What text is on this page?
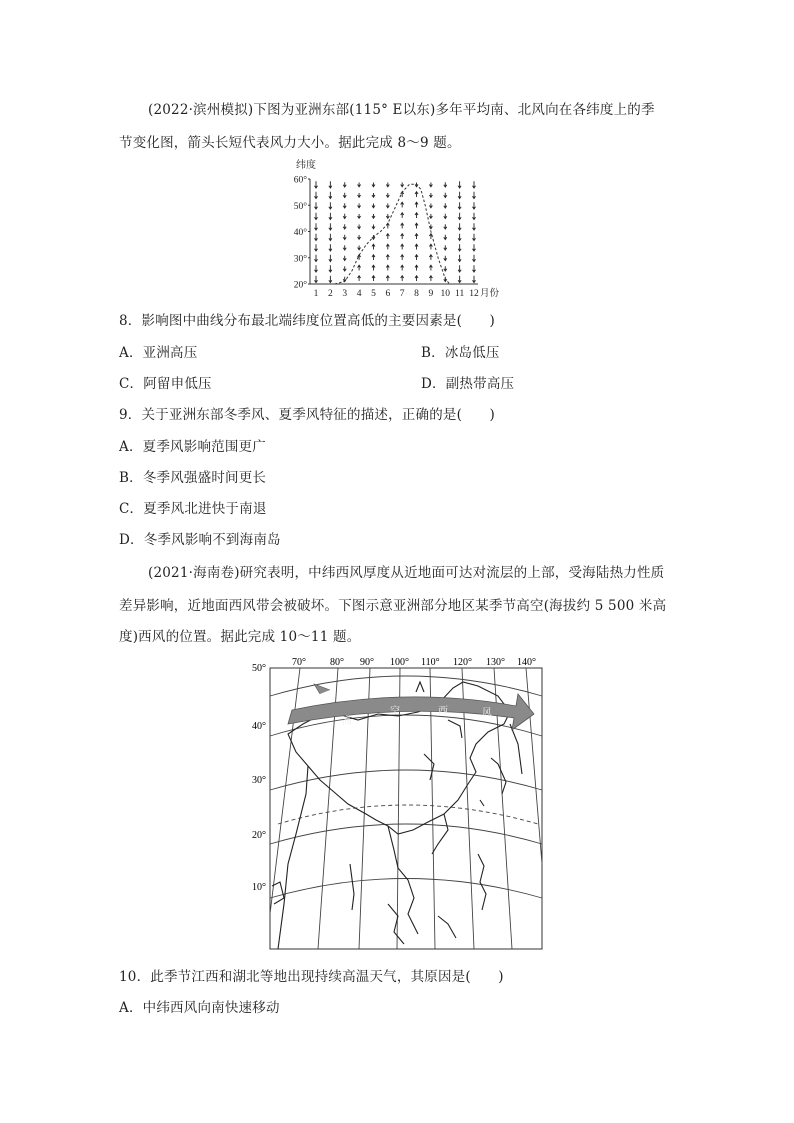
(2022·滨州模拟)下图为亚洲东部(115° E以东)多年平均南、北风向在各纬度上的季
节变化图，箭头长短代表风力大小。据此完成 8～9 题。
纬度
20°
30°
40°
50°
60°
1 2 3 4 5 6 7 8 9 10 11 12 月份
8．影响图中曲线分布最北端纬度位置高低的主要因素是(　　)
A．亚洲高压	B．冰岛低压
C．阿留申低压	D．副热带高压
9．关于亚洲东部冬季风、夏季风特征的描述，正确的是(　　)
A．夏季风影响范围更广
B．冬季风强盛时间更长
C．夏季风北进快于南退
D．冬季风影响不到海南岛
(2021·海南卷)研究表明，中纬西风厚度从近地面可达对流层的上部，受海陆热力性质
差异影响，近地面西风带会被破坏。下图示意亚洲部分地区某季节高空(海拔约 5 500 米高
度)西风的位置。据此完成 10～11 题。
70° 80° 90° 100° 110° 120° 130° 140°
50°
40°
30°
20°
10°
高
空	西	风
10．此季节江西和湖北等地出现持续高温天气，其原因是(　　)
A．中纬西风向南快速移动
